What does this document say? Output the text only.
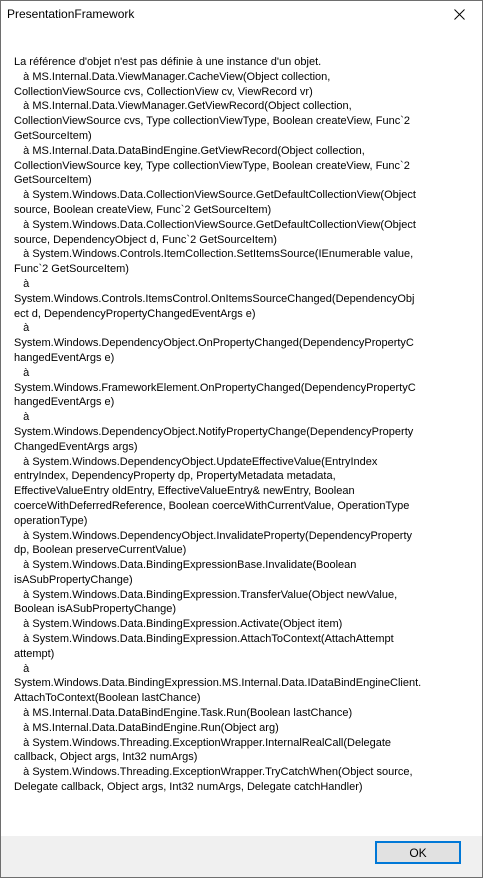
PresentationFramework
La référence d'objet n'est pas définie à une instance d'un objet.
à MS.Internal.Data.ViewManager.CacheView(Object collection,
CollectionViewSource cvs, CollectionView cv, ViewRecord vr)
à MS.Internal.Data.ViewManager.GetViewRecord(Object collection,
CollectionViewSource cvs, Type collectionViewType, Boolean createView, Func`2
GetSourceItem)
à MS.Internal.Data.DataBindEngine.GetViewRecord(Object collection,
CollectionViewSource key, Type collectionViewType, Boolean createView, Func`2
GetSourceItem)
à System.Windows.Data.CollectionViewSource.GetDefaultCollectionView(Object
source, Boolean createView, Func`2 GetSourceItem)
à System.Windows.Data.CollectionViewSource.GetDefaultCollectionView(Object
source, DependencyObject d, Func`2 GetSourceItem)
à System.Windows.Controls.ItemCollection.SetItemsSource(IEnumerable value,
Func`2 GetSourceItem)
à
System.Windows.Controls.ItemsControl.OnItemsSourceChanged(DependencyObj
ect d, DependencyPropertyChangedEventArgs e)
à
System.Windows.DependencyObject.OnPropertyChanged(DependencyPropertyC
hangedEventArgs e)
à
System.Windows.FrameworkElement.OnPropertyChanged(DependencyPropertyC
hangedEventArgs e)
à
System.Windows.DependencyObject.NotifyPropertyChange(DependencyProperty
ChangedEventArgs args)
à System.Windows.DependencyObject.UpdateEffectiveValue(EntryIndex
entryIndex, DependencyProperty dp, PropertyMetadata metadata,
EffectiveValueEntry oldEntry, EffectiveValueEntry& newEntry, Boolean
coerceWithDeferredReference, Boolean coerceWithCurrentValue, OperationType
operationType)
à System.Windows.DependencyObject.InvalidateProperty(DependencyProperty
dp, Boolean preserveCurrentValue)
à System.Windows.Data.BindingExpressionBase.Invalidate(Boolean
isASubPropertyChange)
à System.Windows.Data.BindingExpression.TransferValue(Object newValue,
Boolean isASubPropertyChange)
à System.Windows.Data.BindingExpression.Activate(Object item)
à System.Windows.Data.BindingExpression.AttachToContext(AttachAttempt
attempt)
à
System.Windows.Data.BindingExpression.MS.Internal.Data.IDataBindEngineClient.
AttachToContext(Boolean lastChance)
à MS.Internal.Data.DataBindEngine.Task.Run(Boolean lastChance)
à MS.Internal.Data.DataBindEngine.Run(Object arg)
à System.Windows.Threading.ExceptionWrapper.InternalRealCall(Delegate
callback, Object args, Int32 numArgs)
à System.Windows.Threading.ExceptionWrapper.TryCatchWhen(Object source,
Delegate callback, Object args, Int32 numArgs, Delegate catchHandler)
OK
